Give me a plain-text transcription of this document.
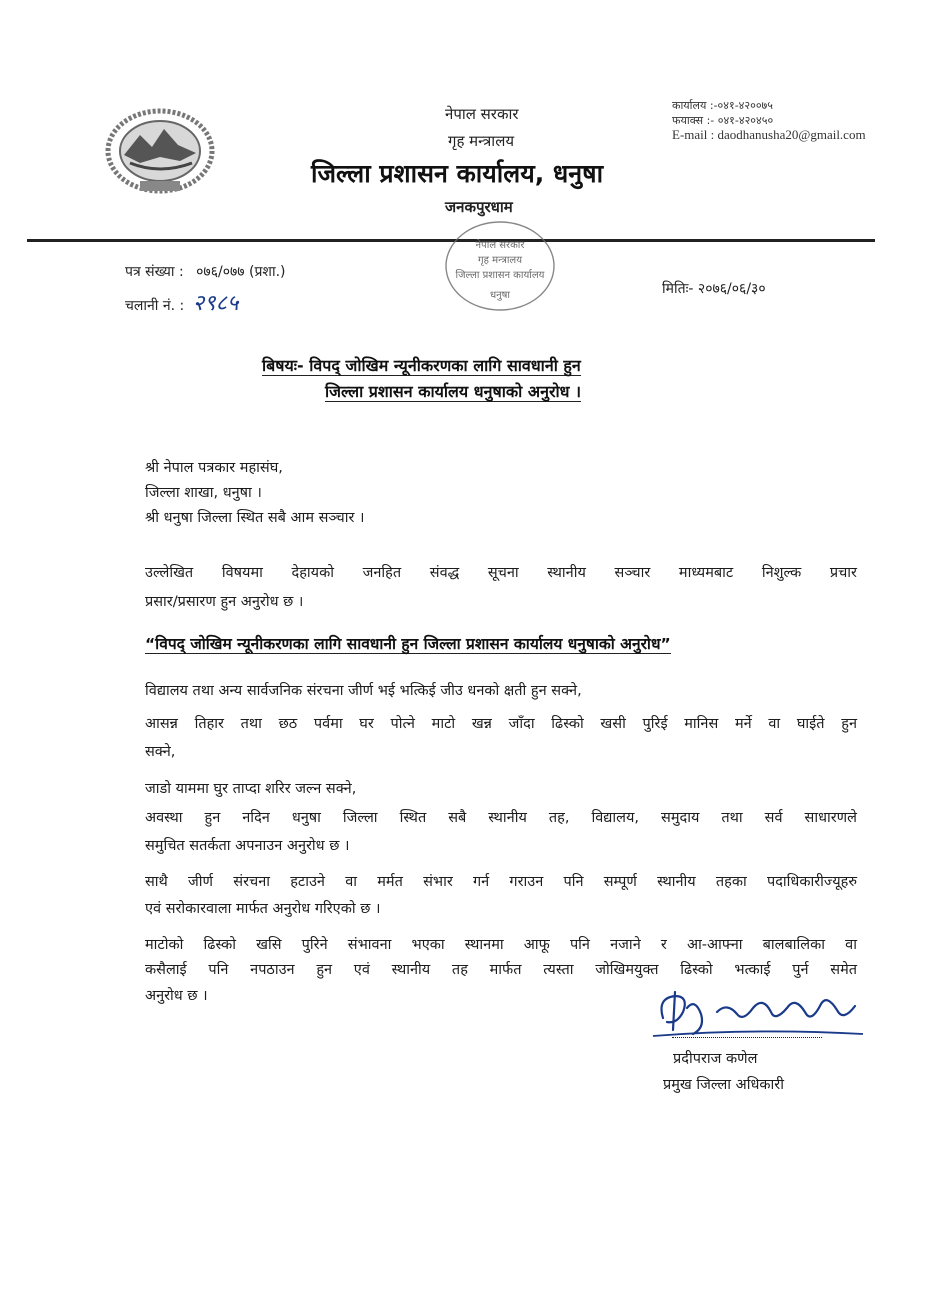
नेपाल सरकार
गृह मन्त्रालय
जिल्ला प्रशासन कार्यालय, धनुषा
जनकपुरधाम
कार्यालय :-०४१-४२००७५
फयाक्स :- ०४१-४२०४५०
E-mail : daodhanusha20@gmail.com
नेपाल सरकार
गृह मन्त्रालय
जिल्ला प्रशासन कार्यालय
धनुषा
पत्र संख्या : ०७६/०७७ (प्रशा.)
चलानी नं. : २९८५
मितिः- २०७६/०६/३०
बिषयः- विपद् जोखिम न्यूनीकरणका लागि सावधानी हुन
जिल्ला प्रशासन कार्यालय धनुषाको अनुरोध ।
श्री नेपाल पत्रकार महासंघ,
जिल्ला शाखा, धनुषा ।
श्री धनुषा जिल्ला स्थित सबै आम सञ्चार ।
उल्लेखित विषयमा देहायको जनहित संवद्ध सूचना स्थानीय सञ्चार माध्यमबाट निशुल्क प्रचार
प्रसार/प्रसारण हुन अनुरोध छ ।
“विपद् जोखिम न्यूनीकरणका लागि सावधानी हुन जिल्ला प्रशासन कार्यालय धनुषाको अनुरोध”
विद्यालय तथा अन्य सार्वजनिक संरचना जीर्ण भई भत्किई जीउ धनको क्षती हुन सक्ने,
आसन्न तिहार तथा छठ पर्वमा घर पोत्ने माटो खन्न जाँदा ढिस्को खसी पुरिई मानिस मर्ने वा घाईते हुन
सक्ने,
जाडो याममा घुर ताप्दा शरिर जल्न सक्ने,
अवस्था हुन नदिन धनुषा जिल्ला स्थित सबै स्थानीय तह, विद्यालय, समुदाय तथा सर्व साधारणले
समुचित सतर्कता अपनाउन अनुरोध छ ।
साथै जीर्ण संरचना हटाउने वा मर्मत संभार गर्न गराउन पनि सम्पूर्ण स्थानीय तहका पदाधिकारीज्यूहरु
एवं सरोकारवाला मार्फत अनुरोध गरिएको छ ।
माटोको ढिस्को खसि पुरिने संभावना भएका स्थानमा आफू पनि नजाने र आ-आफ्ना बालबालिका वा
कसैलाई पनि नपठाउन हुन एवं स्थानीय तह मार्फत त्यस्ता जोखिमयुक्त ढिस्को भत्काई पुर्न समेत
अनुरोध छ ।
प्रदीपराज कणेल
प्रमुख जिल्ला अधिकारी
